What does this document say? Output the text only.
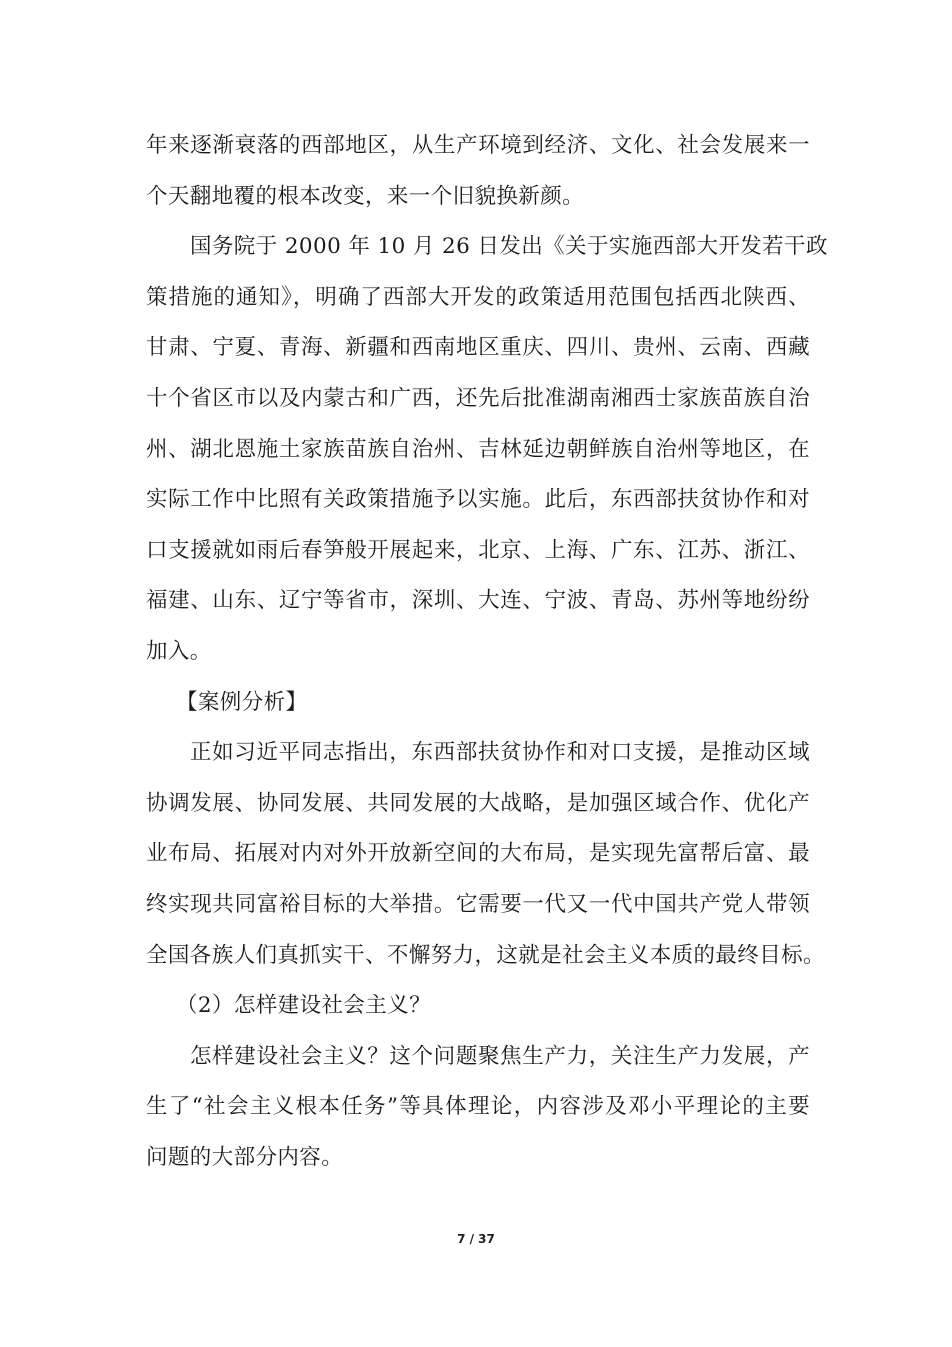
年来逐渐衰落的西部地区，从生产环境到经济、文化、社会发展来一
个天翻地覆的根本改变，来一个旧貌换新颜。
国务院于 2000 年 10 月 26 日发出《关于实施西部大开发若干政
策措施的通知》，明确了西部大开发的政策适用范围包括西北陕西、
甘肃、宁夏、青海、新疆和西南地区重庆、四川、贵州、云南、西藏
十个省区市以及内蒙古和广西，还先后批准湖南湘西士家族苗族自治
州、湖北恩施土家族苗族自治州、吉林延边朝鲜族自治州等地区，在
实际工作中比照有关政策措施予以实施。此后，东西部扶贫协作和对
口支援就如雨后春笋般开展起来，北京、上海、广东、江苏、浙江、
福建、山东、辽宁等省市，深圳、大连、宁波、青岛、苏州等地纷纷
加入。
【案例分析】
正如习近平同志指出，东西部扶贫协作和对口支援，是推动区域
协调发展、协同发展、共同发展的大战略，是加强区域合作、优化产
业布局、拓展对内对外开放新空间的大布局，是实现先富帮后富、最
终实现共同富裕目标的大举措。它需要一代又一代中国共产党人带领
全国各族人们真抓实干、不懈努力，这就是社会主义本质的最终目标。
（2）怎样建设社会主义？
怎样建设社会主义？这个问题聚焦生产力，关注生产力发展，产
生了“社会主义根本任务”等具体理论，内容涉及邓小平理论的主要
问题的大部分内容。
7 / 37
